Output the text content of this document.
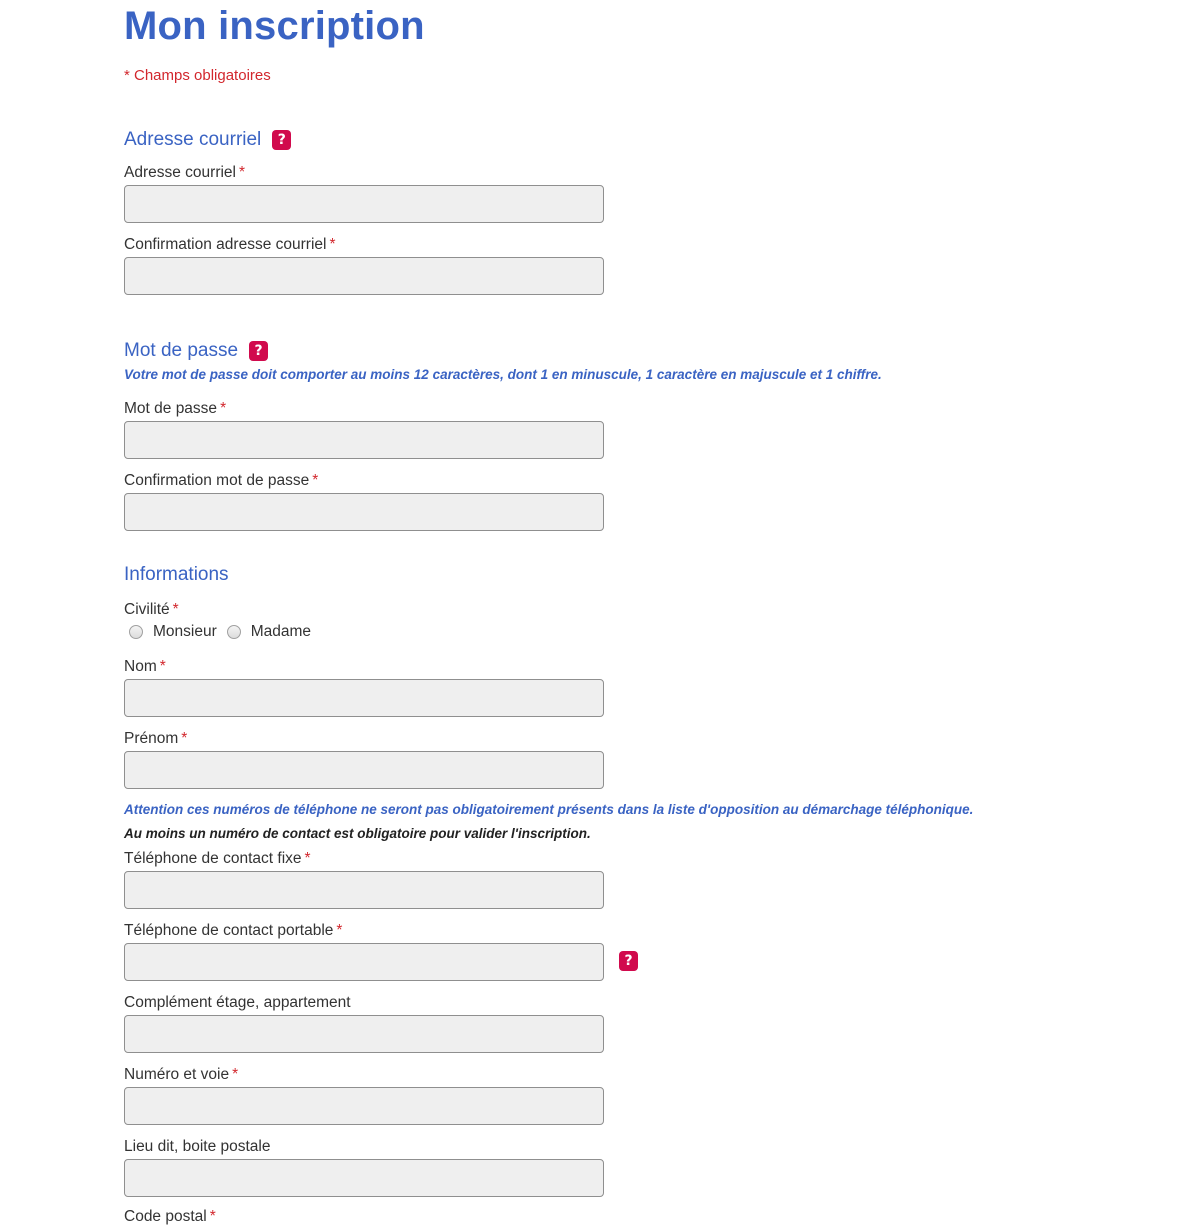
Mon inscription
* Champs obligatoires
Adresse courriel	?
Adresse courriel *
Confirmation adresse courriel *
Mot de passe	?
Votre mot de passe doit comporter au moins 12 caractères, dont 1 en minuscule, 1 caractère en majuscule et 1 chiffre.
Mot de passe *
Confirmation mot de passe *
Informations
Civilité *
Monsieur Madame
Nom *
Prénom *
Attention ces numéros de téléphone ne seront pas obligatoirement présents dans la liste d'opposition au démarchage téléphonique.
Au moins un numéro de contact est obligatoire pour valider l'inscription.
Téléphone de contact fixe *
Téléphone de contact portable *
?
Complément étage, appartement
Numéro et voie *
Lieu dit, boite postale
Code postal *
